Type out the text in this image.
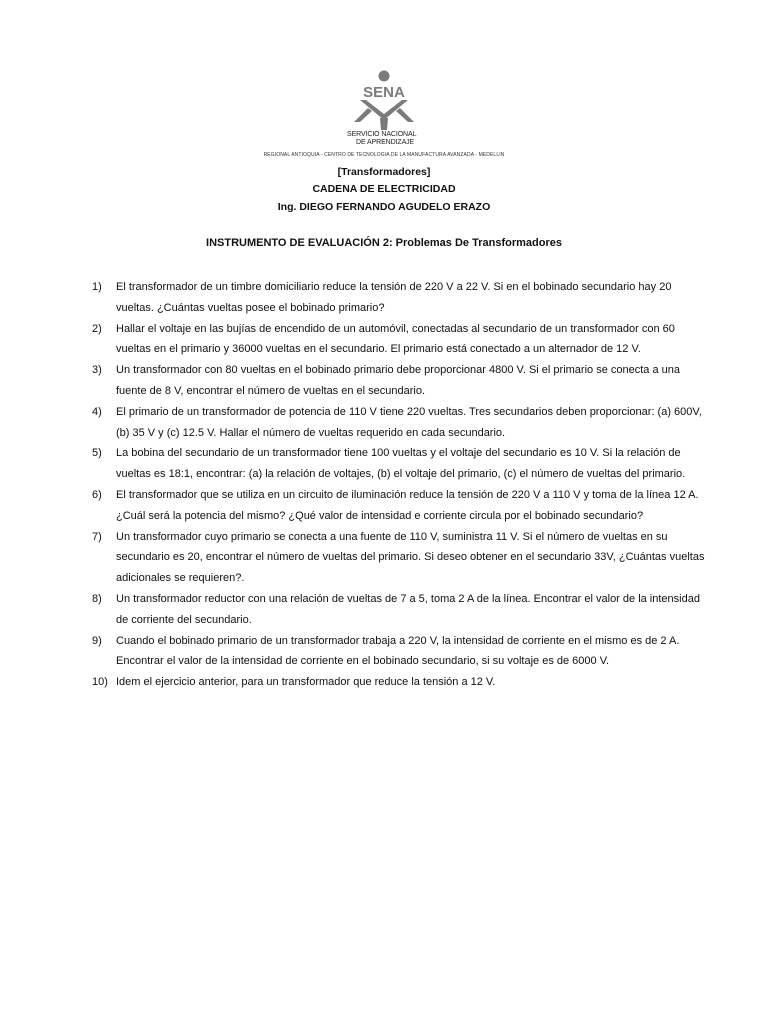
SENA
SERVICIO NACIONAL
DE APRENDIZAJE
REGIONAL ANTIOQUIA - CENTRO DE TECNOLOGIA DE LA MANUFACTURA AVANZADA - MEDELLIN
[Transformadores]
CADENA DE ELECTRICIDAD
Ing. DIEGO FERNANDO AGUDELO ERAZO
INSTRUMENTO DE EVALUACIÓN 2: Problemas De Transformadores
1) El transformador de un timbre domiciliario reduce la tensión de 220 V a 22 V. Si en el bobinado secundario hay 20 vueltas. ¿Cuántas vueltas posee el bobinado primario?
2) Hallar el voltaje en las bujías de encendido de un automóvil, conectadas al secundario de un transformador con 60 vueltas en el primario y 36000 vueltas en el secundario. El primario está conectado a un alternador de 12 V.
3) Un transformador con 80 vueltas en el bobinado primario debe proporcionar 4800 V. Si el primario se conecta a una fuente de 8 V, encontrar el número de vueltas en el secundario.
4) El primario de un transformador de potencia de 110 V tiene 220 vueltas. Tres secundarios deben proporcionar: (a) 600V, (b) 35 V y (c) 12.5 V. Hallar el número de vueltas requerido en cada secundario.
5) La bobina del secundario de un transformador tiene 100 vueltas y el voltaje del secundario es 10 V. Si la relación de vueltas es 18:1, encontrar: (a) la relación de voltajes, (b) el voltaje del primario, (c) el número de vueltas del primario.
6) El transformador que se utiliza en un circuito de iluminación reduce la tensión de 220 V a 110 V y toma de la línea 12 A. ¿Cuál será la potencia del mismo? ¿Qué valor de intensidad e corriente circula por el bobinado secundario?
7) Un transformador cuyo primario se conecta a una fuente de 110 V, suministra 11 V. Si el número de vueltas en su secundario es 20, encontrar el número de vueltas del primario. Si deseo obtener en el secundario 33V, ¿Cuántas vueltas adicionales se requieren?.
8) Un transformador reductor con una relación de vueltas de 7 a 5, toma 2 A de la línea. Encontrar el valor de la intensidad de corriente del secundario.
9) Cuando el bobinado primario de un transformador trabaja a 220 V, la intensidad de corriente en el mismo es de 2 A. Encontrar el valor de la intensidad de corriente en el bobinado secundario, si su voltaje es de 6000 V.
10) Idem el ejercicio anterior, para un transformador que reduce la tensión a 12 V.
